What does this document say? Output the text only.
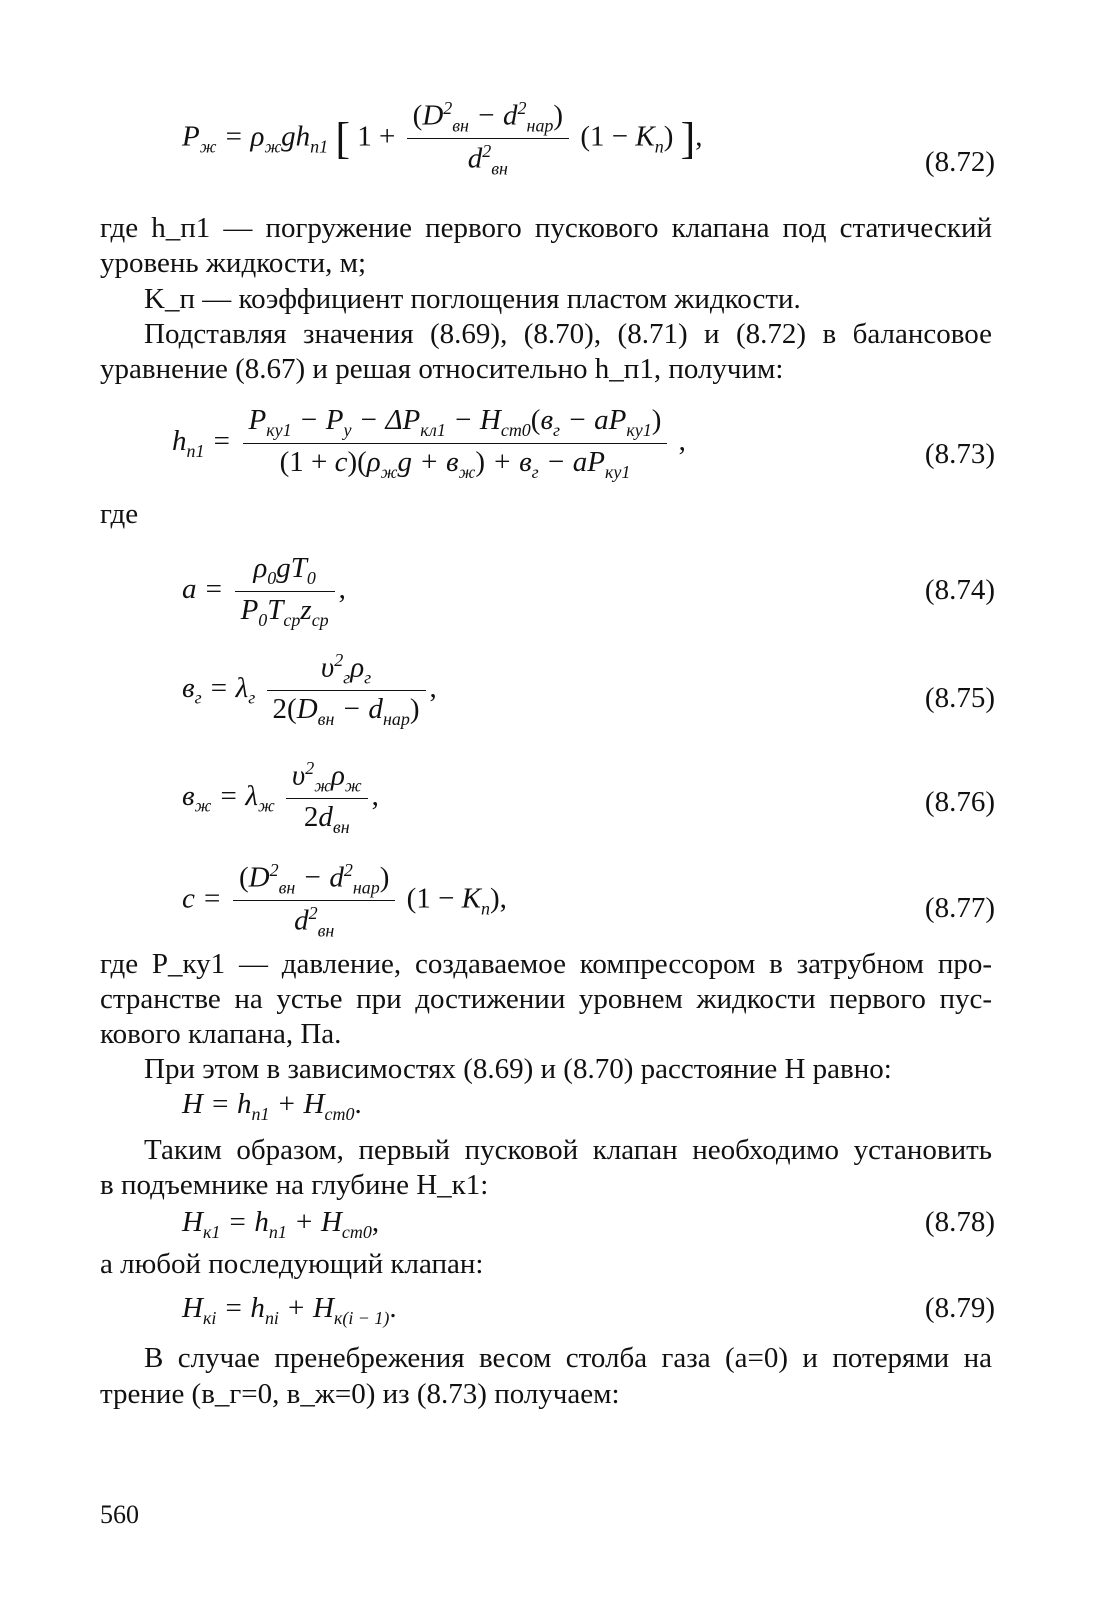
$P_ж = \rho_жgh_{п1}$ [ $1 + \frac{(D^2_{вн} - d^2_{нар})}{d^2_{вн}} (1 - K_п)$ ],
(8.72)
где h_п1 — погружение первого пускового клапана под статический
уровень жидкости, м;
K_п — коэффициент поглощения пластом жидкости.
Подставляя значения (8.69), (8.70), (8.71) и (8.72) в балансовое
уравнение (8.67) и решая относительно h_п1, получим:
$h_{п1} = \frac{P_{ку1} - P_у - \Delta P_{кл1} - H_{ст0}(в_г - aP_{ку1})}{(1 + c)(\rho_жg + в_ж) + в_г - aP_{ку1}}$ ,	(8.73)
где
$a = \frac{\rho_0gT_0}{P_0T_{ср}z_{ср}}$ ,	(8.74)
$в_г = \lambda_г \frac{\upsilon^2_г\rho_г}{2(D_{вн} - d_{нар})}$ ,	(8.75)
$в_ж = \lambda_ж \frac{\upsilon^2_ж\rho_ж}{2d_{вн}}$ ,	(8.76)
$c = \frac{(D^2_{вн} - d^2_{нар})}{d^2_{вн}} (1 - K_п)$,	(8.77)
где P_ку1 — давление, создаваемое компрессором в затрубном про-
странстве на устье при достижении уровнем жидкости первого пус-
кового клапана, Па.
При этом в зависимостях (8.69) и (8.70) расстояние H равно:
$H = h_{п1} + H_{ст0}$.
Таким образом, первый пусковой клапан необходимо установить
в подъемнике на глубине H_к1:
$H_{к1} = h_{п1} + H_{ст0}$,	(8.78)
а любой последующий клапан:
$H_{кi} = h_{пi} + H_{к(i - 1)}$.	(8.79)
В случае пренебрежения весом столба газа (a=0) и потерями на
трение (в_г=0, в_ж=0) из (8.73) получаем:
560
